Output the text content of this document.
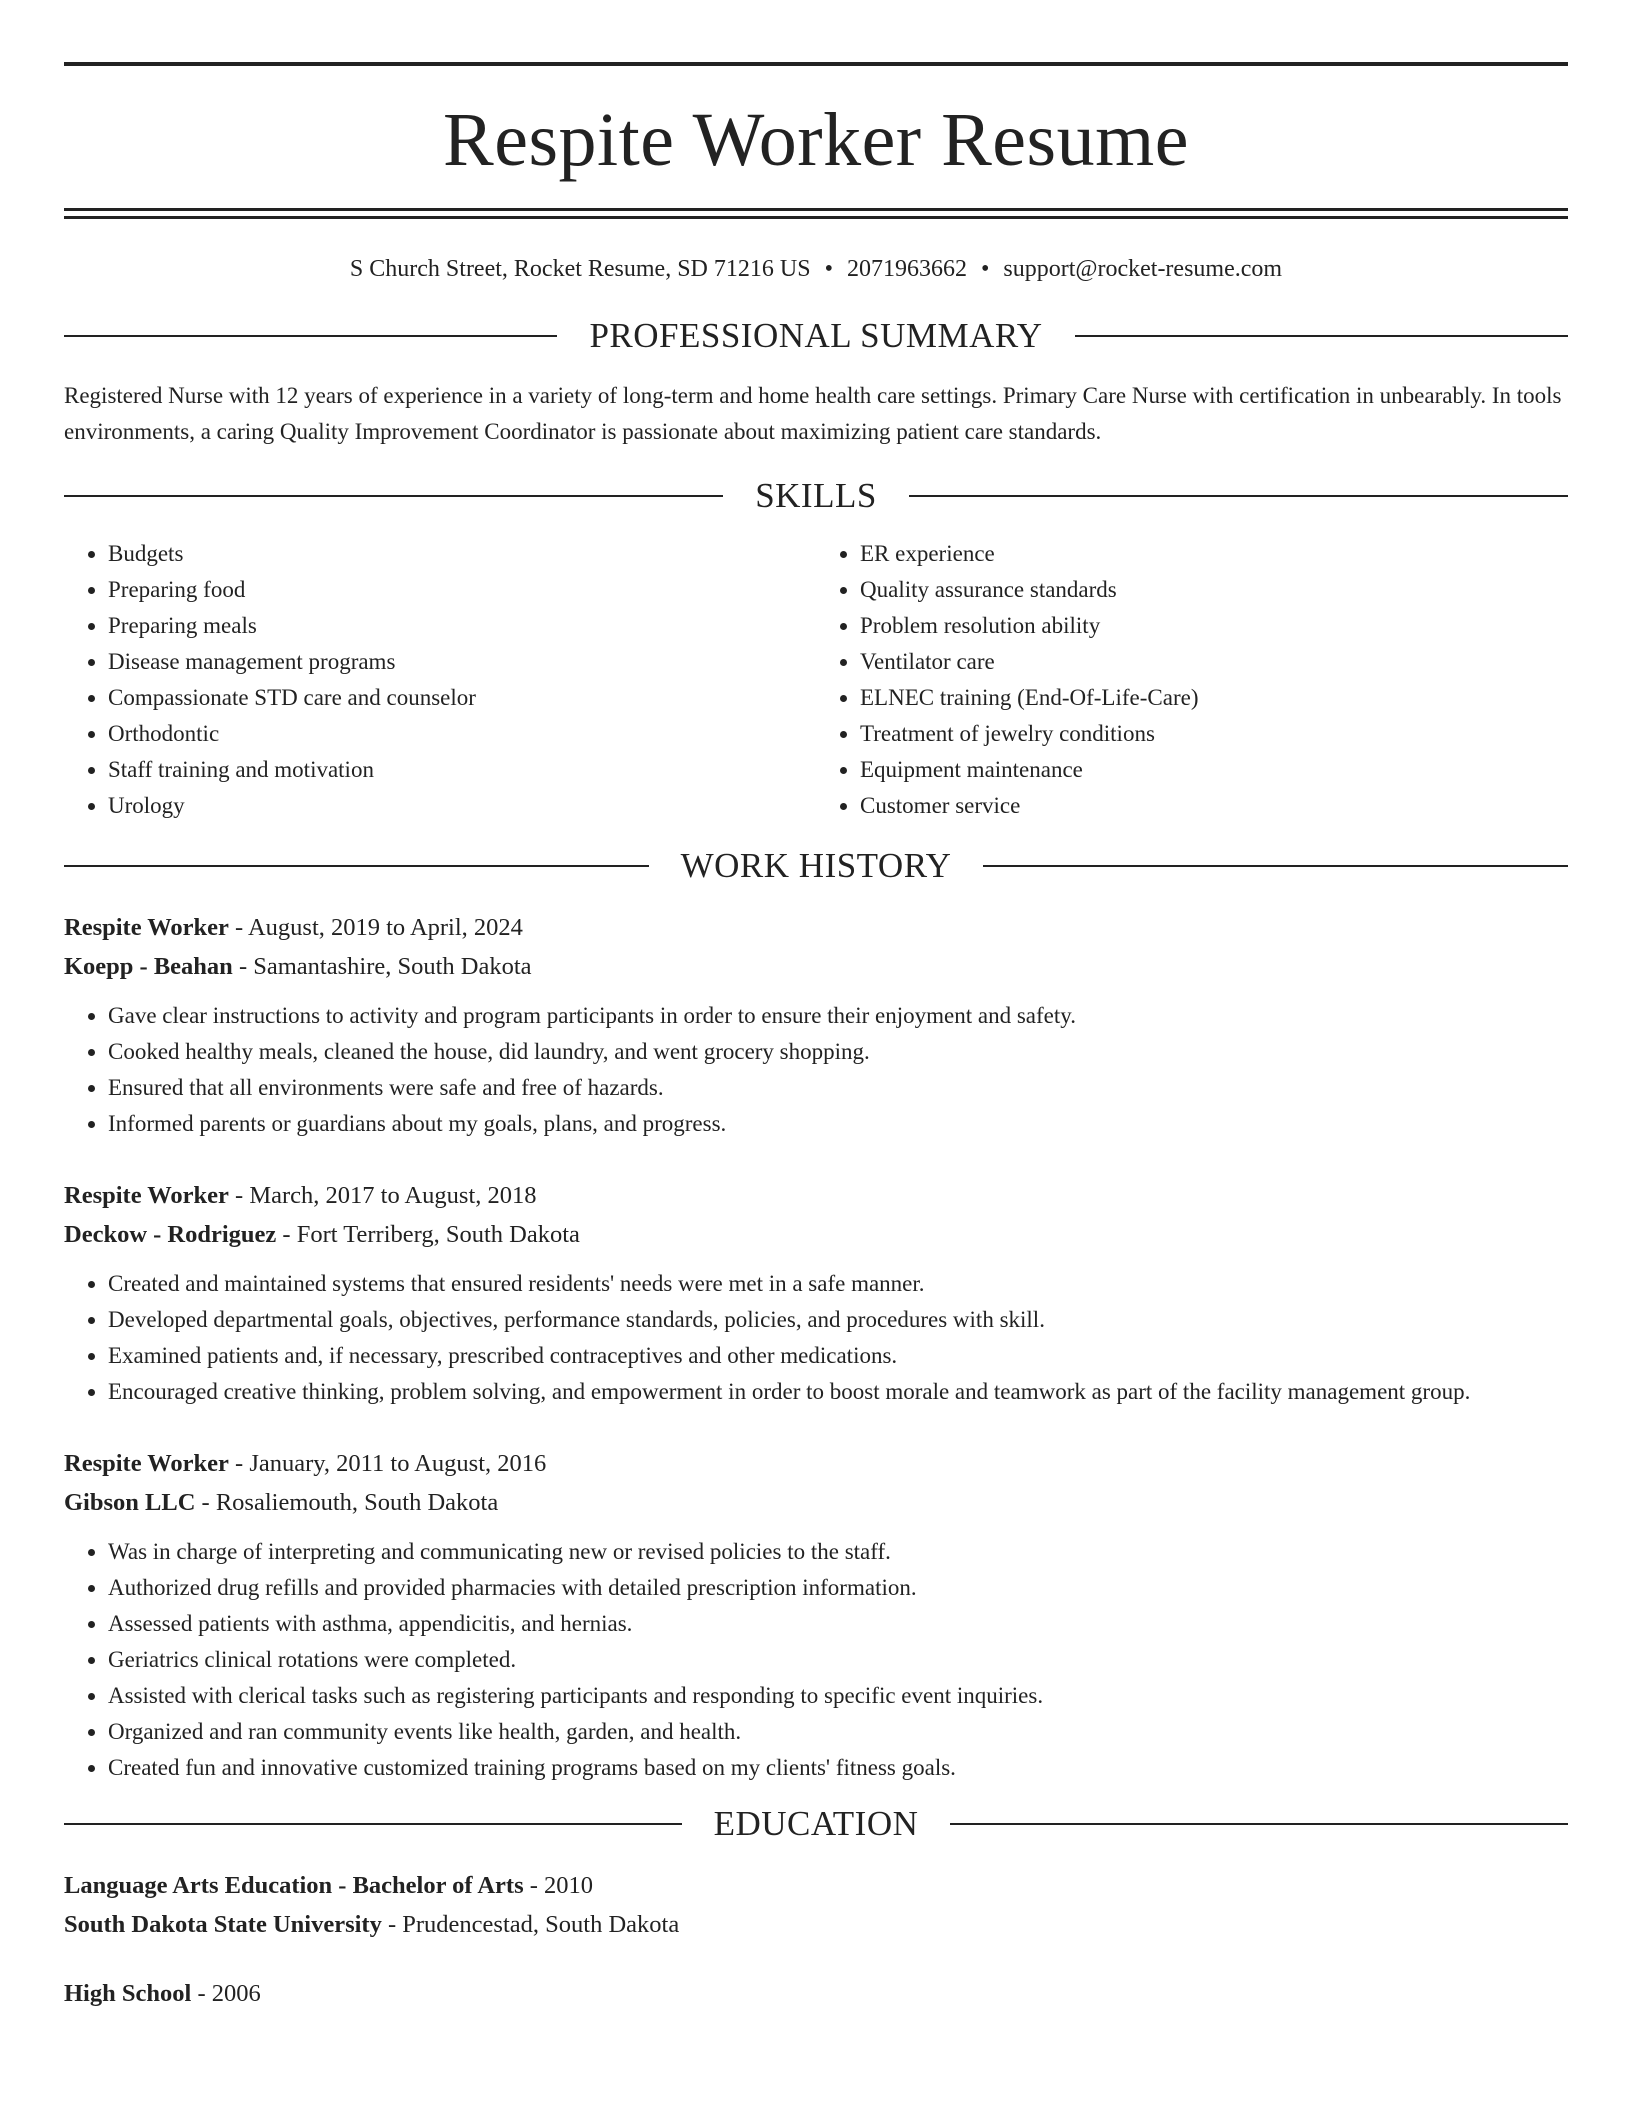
Respite Worker Resume
S Church Street, Rocket Resume, SD 71216 US • 2071963662 • support@rocket-resume.com
PROFESSIONAL SUMMARY

Registered Nurse with 12 years of experience in a variety of long-term and home health care settings. Primary Care Nurse with certification in unbearably. In tools environments, a caring Quality Improvement Coordinator is passionate about maximizing patient care standards.

SKILLS
• Budgets
• Preparing food
• Preparing meals
• Disease management programs
• Compassionate STD care and counselor
• Orthodontic
• Staff training and motivation
• Urology
• ER experience
• Quality assurance standards
• Problem resolution ability
• Ventilator care
• ELNEC training (End-Of-Life-Care)
• Treatment of jewelry conditions
• Equipment maintenance
• Customer service
WORK HISTORY
Respite Worker - August, 2019 to April, 2024
Koepp - Beahan - Samantashire, South Dakota
• Gave clear instructions to activity and program participants in order to ensure their enjoyment and safety.
• Cooked healthy meals, cleaned the house, did laundry, and went grocery shopping.
• Ensured that all environments were safe and free of hazards.
• Informed parents or guardians about my goals, plans, and progress.
Respite Worker - March, 2017 to August, 2018
Deckow - Rodriguez - Fort Terriberg, South Dakota
• Created and maintained systems that ensured residents' needs were met in a safe manner.
• Developed departmental goals, objectives, performance standards, policies, and procedures with skill.
• Examined patients and, if necessary, prescribed contraceptives and other medications.
• Encouraged creative thinking, problem solving, and empowerment in order to boost morale and teamwork as part of the facility management group.
Respite Worker - January, 2011 to August, 2016
Gibson LLC - Rosaliemouth, South Dakota
• Was in charge of interpreting and communicating new or revised policies to the staff.
• Authorized drug refills and provided pharmacies with detailed prescription information.
• Assessed patients with asthma, appendicitis, and hernias.
• Geriatrics clinical rotations were completed.
• Assisted with clerical tasks such as registering participants and responding to specific event inquiries.
• Organized and ran community events like health, garden, and health.
• Created fun and innovative customized training programs based on my clients' fitness goals.
EDUCATION
Language Arts Education - Bachelor of Arts - 2010
South Dakota State University - Prudencestad, South Dakota
High School - 2006
